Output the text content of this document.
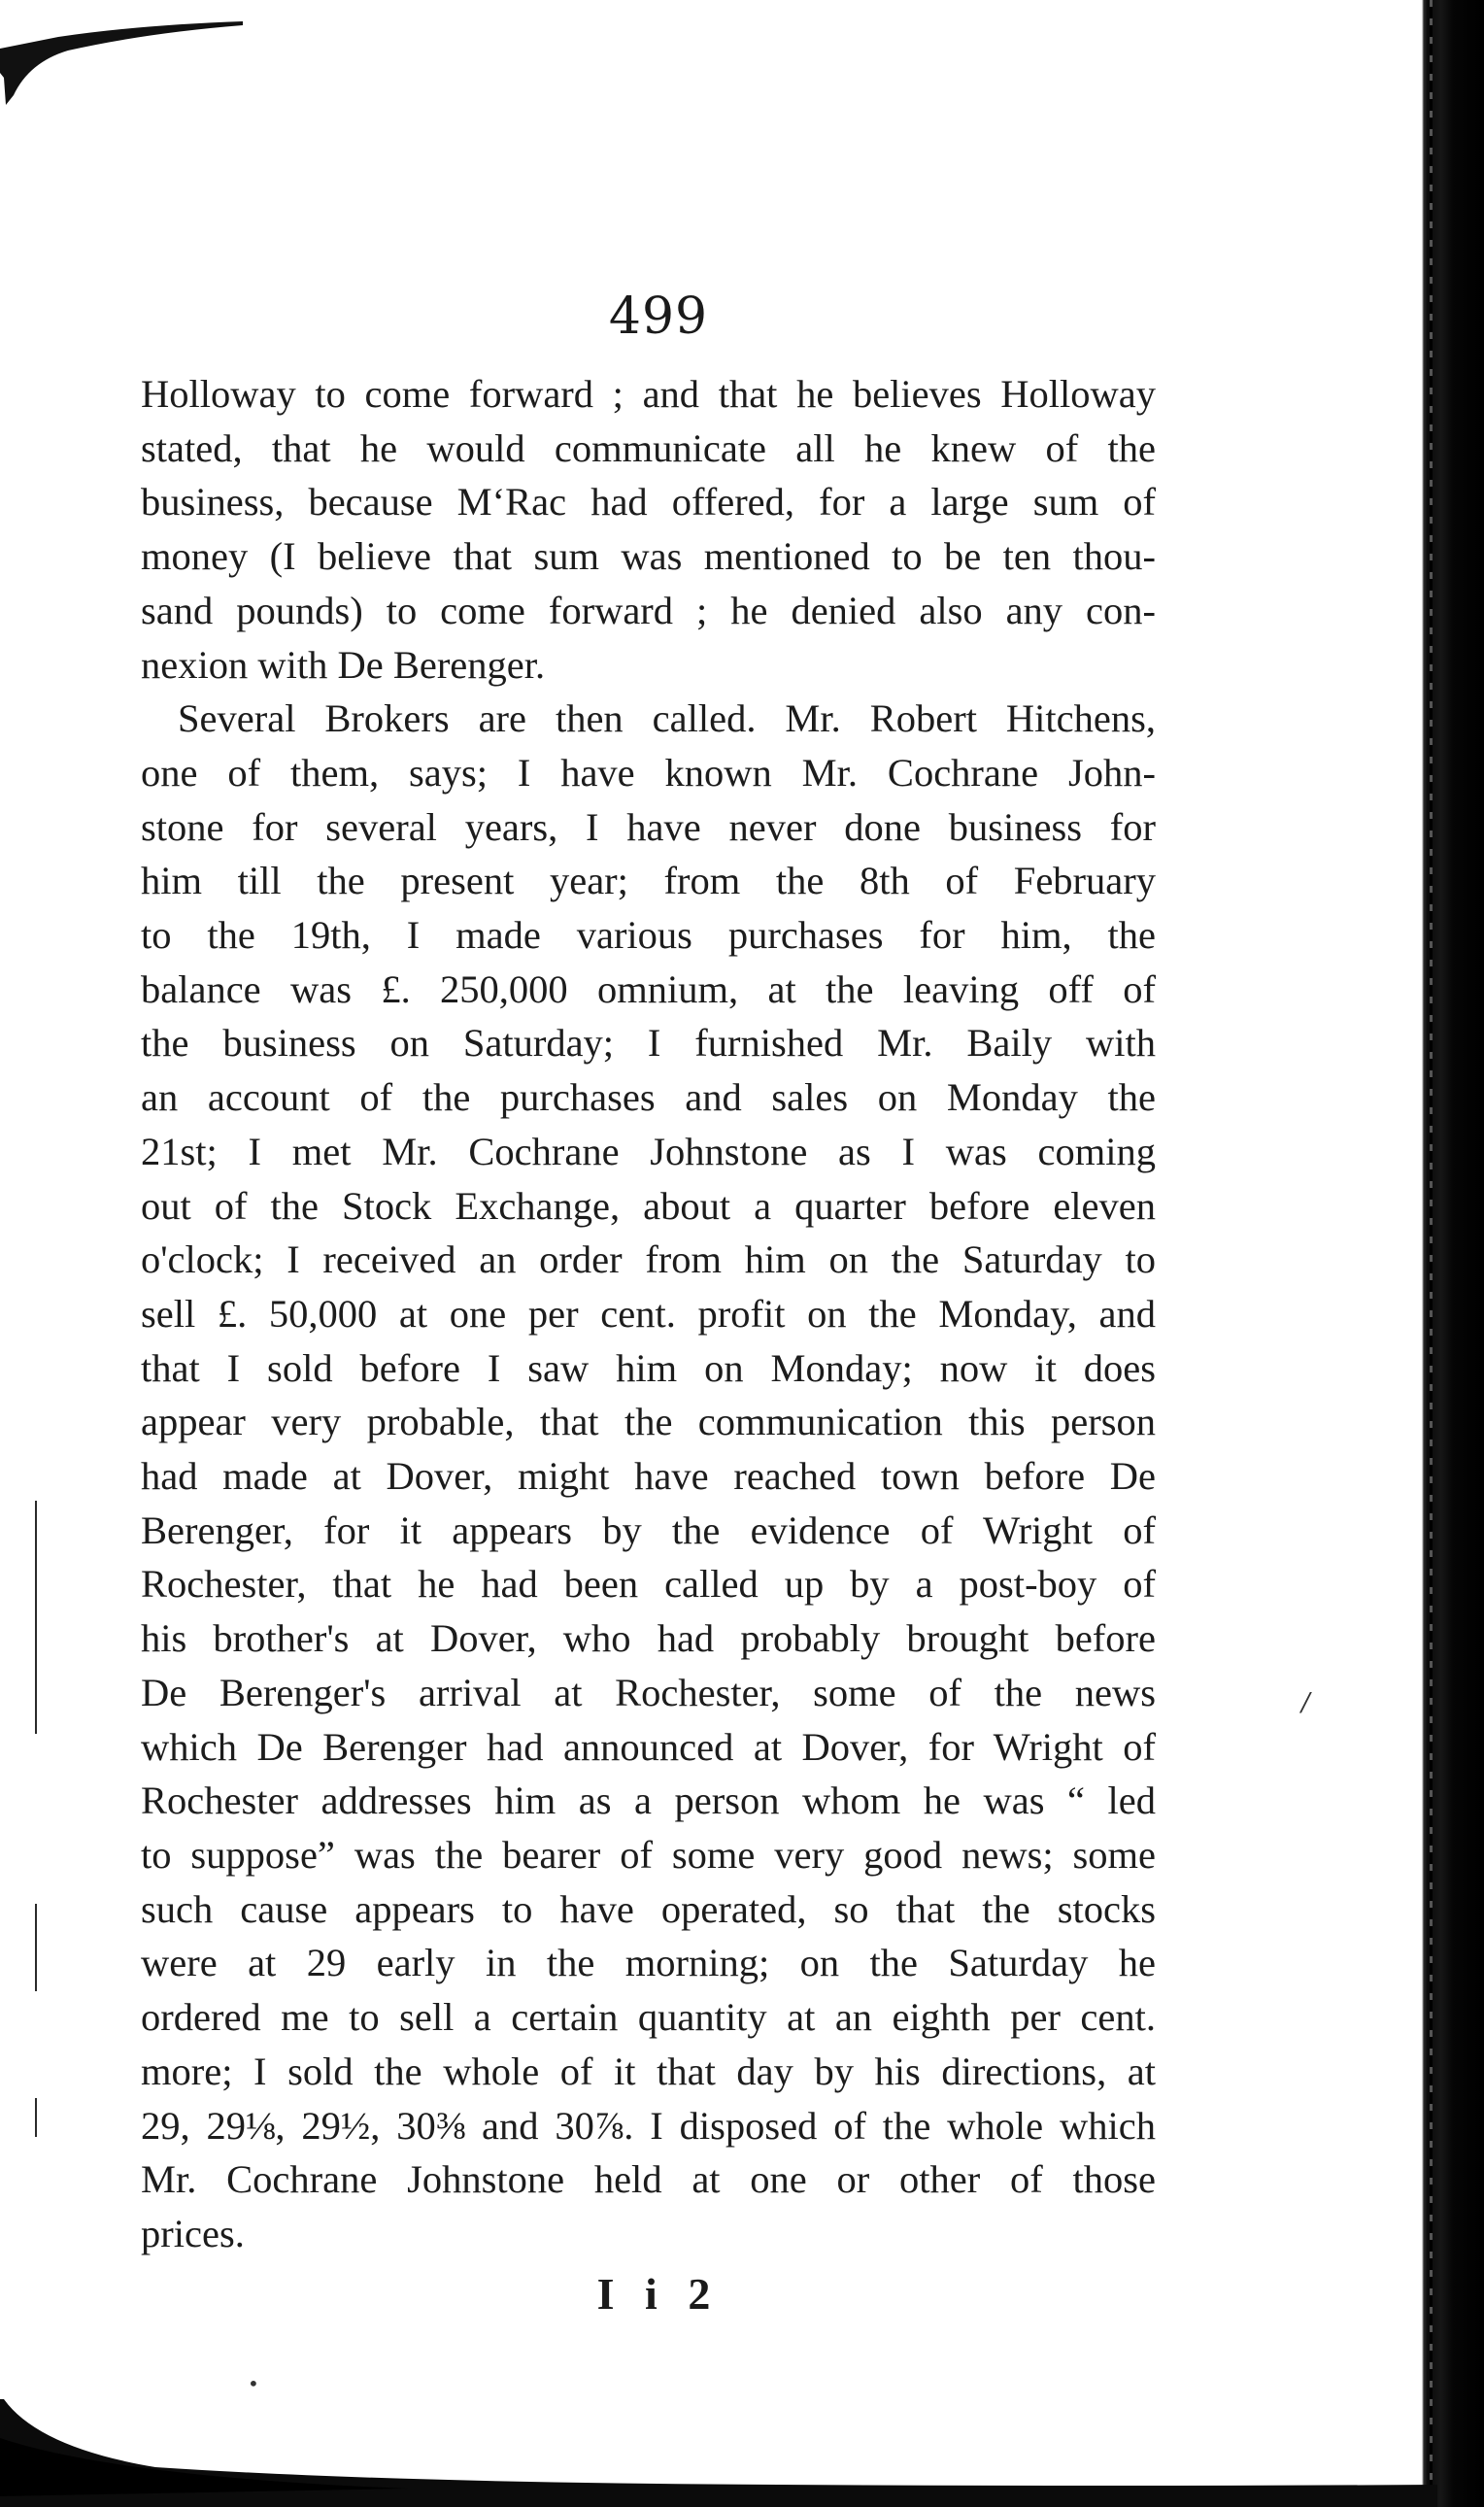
/
•
499
Holloway to come forward ; and that he believes Holloway
stated, that he would communicate all he knew of the
business, because M‘Rac had offered, for a large sum of
money (I believe that sum was mentioned to be ten thou-
sand pounds) to come forward ; he denied also any con-
nexion with De Berenger.
Several Brokers are then called. Mr. Robert Hitchens,
one of them, says; I have known Mr. Cochrane John-
stone for several years, I have never done business for
him till the present year; from the 8th of February
to the 19th, I made various purchases for him, the
balance was £. 250,000 omnium, at the leaving off of
the business on Saturday; I furnished Mr. Baily with
an account of the purchases and sales on Monday the
21st; I met Mr. Cochrane Johnstone as I was coming
out of the Stock Exchange, about a quarter before eleven
o'clock; I received an order from him on the Saturday to
sell £. 50,000 at one per cent. profit on the Monday, and
that I sold before I saw him on Monday; now it does
appear very probable, that the communication this person
had made at Dover, might have reached town before De
Berenger, for it appears by the evidence of Wright of
Rochester, that he had been called up by a post-boy of
his brother's at Dover, who had probably brought before
De Berenger's arrival at Rochester, some of the news
which De Berenger had announced at Dover, for Wright of
Rochester addresses him as a person whom he was “ led
to suppose” was the bearer of some very good news; some
such cause appears to have operated, so that the stocks
were at 29 early in the morning; on the Saturday he
ordered me to sell a certain quantity at an eighth per cent.
more; I sold the whole of it that day by his directions, at
29, 29⅛, 29½, 30⅜ and 30⅞. I disposed of the whole which
Mr. Cochrane Johnstone held at one or other of those
prices.
I i 2
